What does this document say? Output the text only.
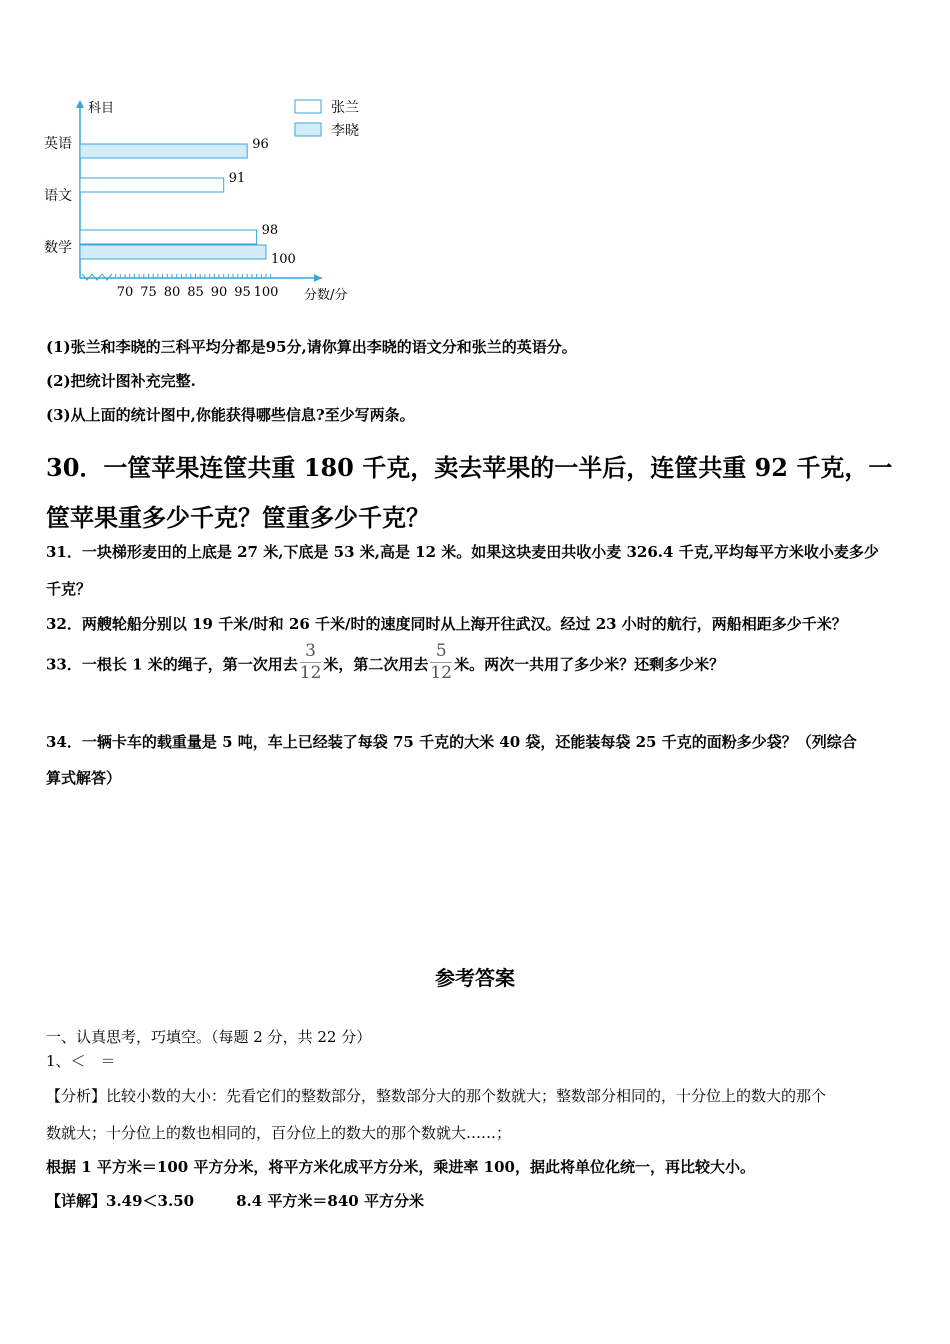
70 75 80 85 90 95 100
科目
分数/分
张兰
李晓
英语	96
语文
91
数学
98
100
(1)张兰和李晓的三科平均分都是95分,请你算出李晓的语文分和张兰的英语分。
(2)把统计图补充完整.
(3)从上面的统计图中,你能获得哪些信息?至少写两条。
30．一筐苹果连筐共重 180 千克，卖去苹果的一半后，连筐共重 92 千克，一
筐苹果重多少千克？筐重多少千克？
31．一块梯形麦田的上底是 27 米,下底是 53 米,高是 12 米。如果这块麦田共收小麦 326.4 千克,平均每平方米收小麦多少
千克？
32．两艘轮船分别以 19 千米/时和 26 千米/时的速度同时从上海开往武汉。经过 23 小时的航行，两船相距多少千米？
33．一根长 1 米的绳子，第一次用去 $\frac{3}{12}$ 米，第二次用去 $\frac{5}{12}$ 米。两次一共用了多少米？还剩多少米？
34．一辆卡车的载重量是 5 吨，车上已经装了每袋 75 千克的大米 40 袋，还能装每袋 25 千克的面粉多少袋？（列综合
算式解答）
参考答案
一、认真思考，巧填空。（每题 2 分，共 22 分）
1、＜　＝
【分析】比较小数的大小：先看它们的整数部分，整数部分大的那个数就大；整数部分相同的，十分位上的数大的那个
数就大；十分位上的数也相同的，百分位上的数大的那个数就大……；
根据 1 平方米＝100 平方分米，将平方米化成平方分米，乘进率 100，据此将单位化统一，再比较大小。
【详解】3.49＜3.50	8.4 平方米＝840 平方分米
